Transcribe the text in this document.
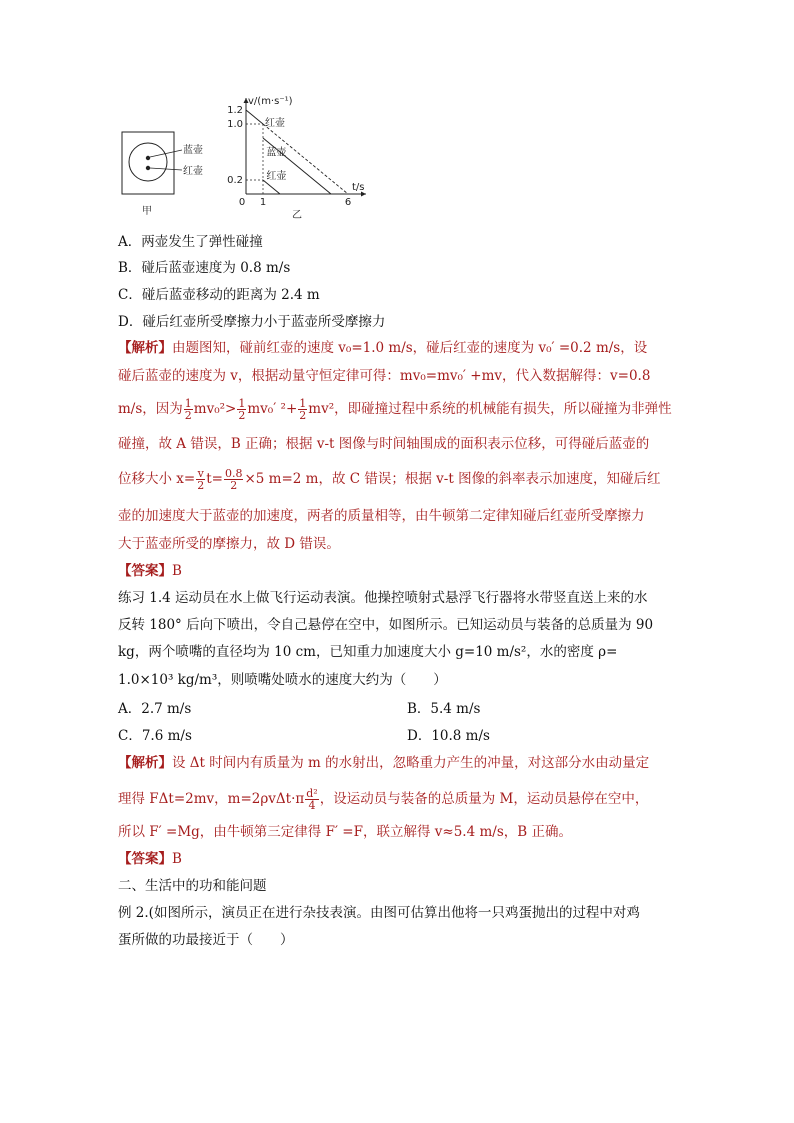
蓝壶
红壶
甲
v/(m·s⁻¹)
t/s
1.2
1.0
0.2
0 1	6
红壶
蓝壶
红壶
乙
A．两壶发生了弹性碰撞
B．碰后蓝壶速度为 0.8 m/s
C．碰后蓝壶移动的距离为 2.4 m
D．碰后红壶所受摩擦力小于蓝壶所受摩擦力
【解析】由题图知，碰前红壶的速度 v₀=1.0 m/s，碰后红壶的速度为 v₀′ =0.2 m/s，设
碰后蓝壶的速度为 v，根据动量守恒定律可得：mv₀=mv₀′ +mv，代入数据解得：v=0.8
m/s，因为 $\frac{1}{2} mv_0^2> \frac{1}{2} mv_0'$ $^2+ \frac{1}{2} mv^2$，即碰撞过程中系统的机械能有损失，所以碰撞为非弹性
碰撞，故 A 错误，B 正确；根据 v-t 图像与时间轴围成的面积表示位移，可得碰后蓝壶的
位移大小 $x= \frac{v}{2} t= \frac{0.8}{2} \times 5$ m=2 m，故 C 错误；根据 v-t 图像的斜率表示加速度，知碰后红
壶的加速度大于蓝壶的加速度，两者的质量相等，由牛顿第二定律知碰后红壶所受摩擦力
大于蓝壶所受的摩擦力，故 D 错误。
【答案】B
练习 1.4 运动员在水上做飞行运动表演。他操控喷射式悬浮飞行器将水带竖直送上来的水
反转 180° 后向下喷出，令自己悬停在空中，如图所示。已知运动员与装备的总质量为 90
kg，两个喷嘴的直径均为 10 cm，已知重力加速度大小 g=10 m/s²，水的密度 ρ=
1.0×10³ kg/m³，则喷嘴处喷水的速度大约为（　　）
A．2.7 m/s	B．5.4 m/s
C．7.6 m/s	D．10.8 m/s
【解析】设 Δt 时间内有质量为 m 的水射出，忽略重力产生的冲量，对这部分水由动量定
理得 FΔt=2mv，$m=2\rho v\Delta t\cdot\pi \frac{\text{d²}}{4}$ ，设运动员与装备的总质量为 M，运动员悬停在空中，
所以 F′ =Mg，由牛顿第三定律得 F′ =F，联立解得 v≈5.4 m/s，B 正确。
【答案】B
二、生活中的功和能问题
例 2.(如图所示，演员正在进行杂技表演。由图可估算出他将一只鸡蛋抛出的过程中对鸡
蛋所做的功最接近于（　　）
